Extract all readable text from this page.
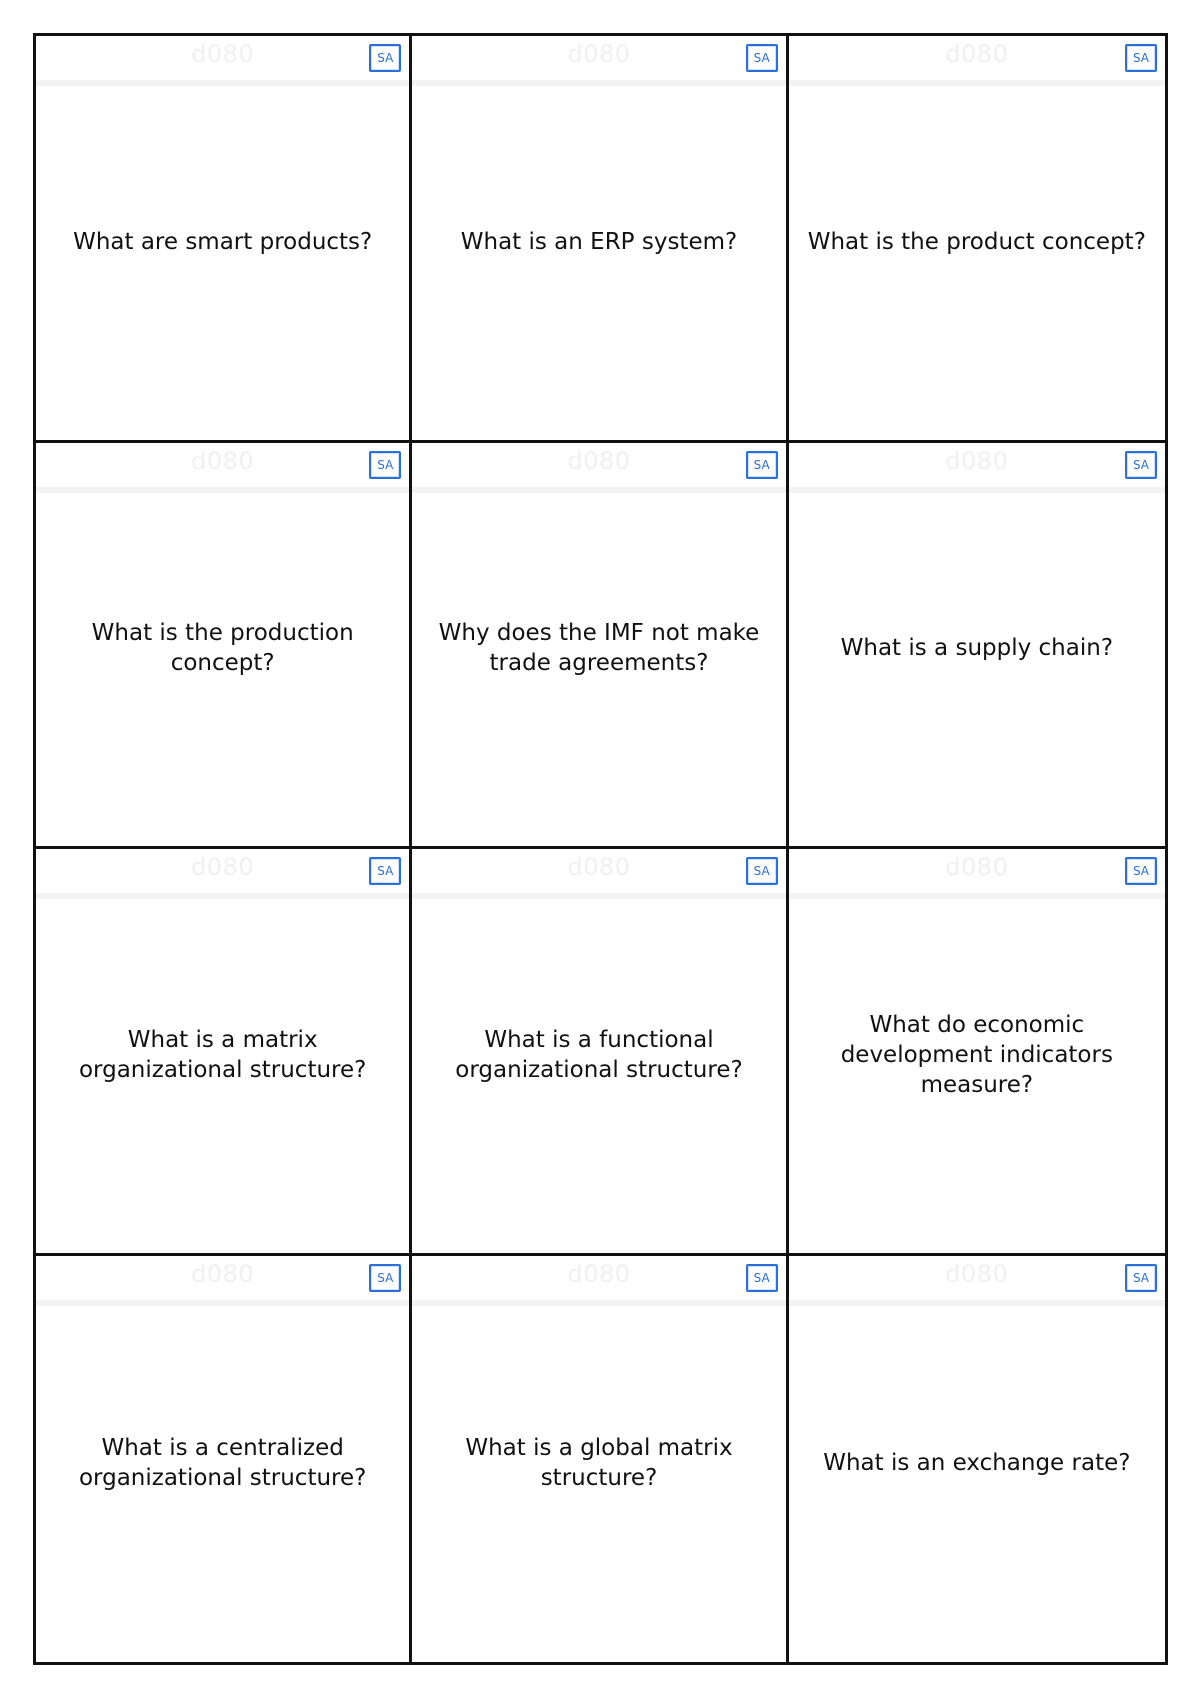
d080	SA
What are smart products?
d080	SA
What is an ERP system?
d080	SA
What is the product concept?
d080	SA
What is the production concept?
d080	SA
Why does the IMF not make trade agreements?
d080	SA
What is a supply chain?
d080	SA
What is a matrix organizational structure?
d080	SA
What is a functional organizational structure?
d080	SA
What do economic development indicators measure?
d080	SA
What is a centralized organizational structure?
d080	SA
What is a global matrix structure?
d080	SA
What is an exchange rate?
